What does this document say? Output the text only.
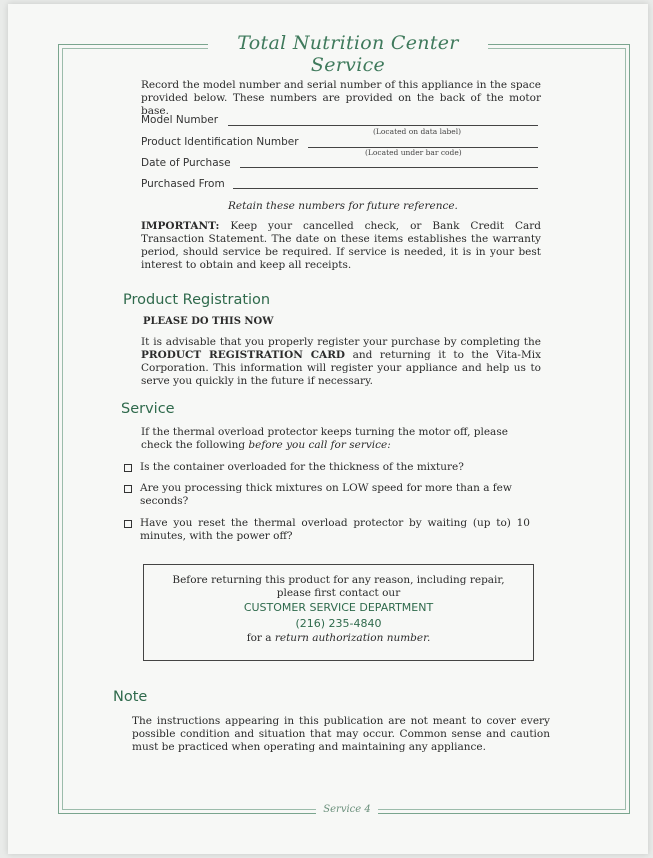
Total Nutrition Center Service
Record the model number and serial number of this appliance in the space provided below. These numbers are provided on the back of the motor base.
Model Number
Product Identification Number
(Located on data label)
Date of Purchase
(Located under bar code)
Purchased From
Retain these numbers for future reference.
IMPORTANT: Keep your cancelled check, or Bank Credit Card Transaction Statement. The date on these items establishes the warranty period, should service be required. If service is needed, it is in your best interest to obtain and keep all receipts.
Product Registration
PLEASE DO THIS NOW
It is advisable that you properly register your purchase by completing the PRODUCT REGISTRATION CARD and returning it to the Vita-Mix Corporation. This information will register your appliance and help us to serve you quickly in the future if necessary.
Service
If the thermal overload protector keeps turning the motor off, please check the following before you call for service:
Is the container overloaded for the thickness of the mixture?
Are you processing thick mixtures on LOW speed for more than a few seconds?
Have you reset the thermal overload protector by waiting (up to) 10 minutes, with the power off?
Before returning this product for any reason, including repair,
please first contact our
CUSTOMER SERVICE DEPARTMENT
(216) 235-4840
for a return authorization number.
Note
The instructions appearing in this publication are not meant to cover every possible condition and situation that may occur. Common sense and caution must be practiced when operating and maintaining any appliance.
Service 4
